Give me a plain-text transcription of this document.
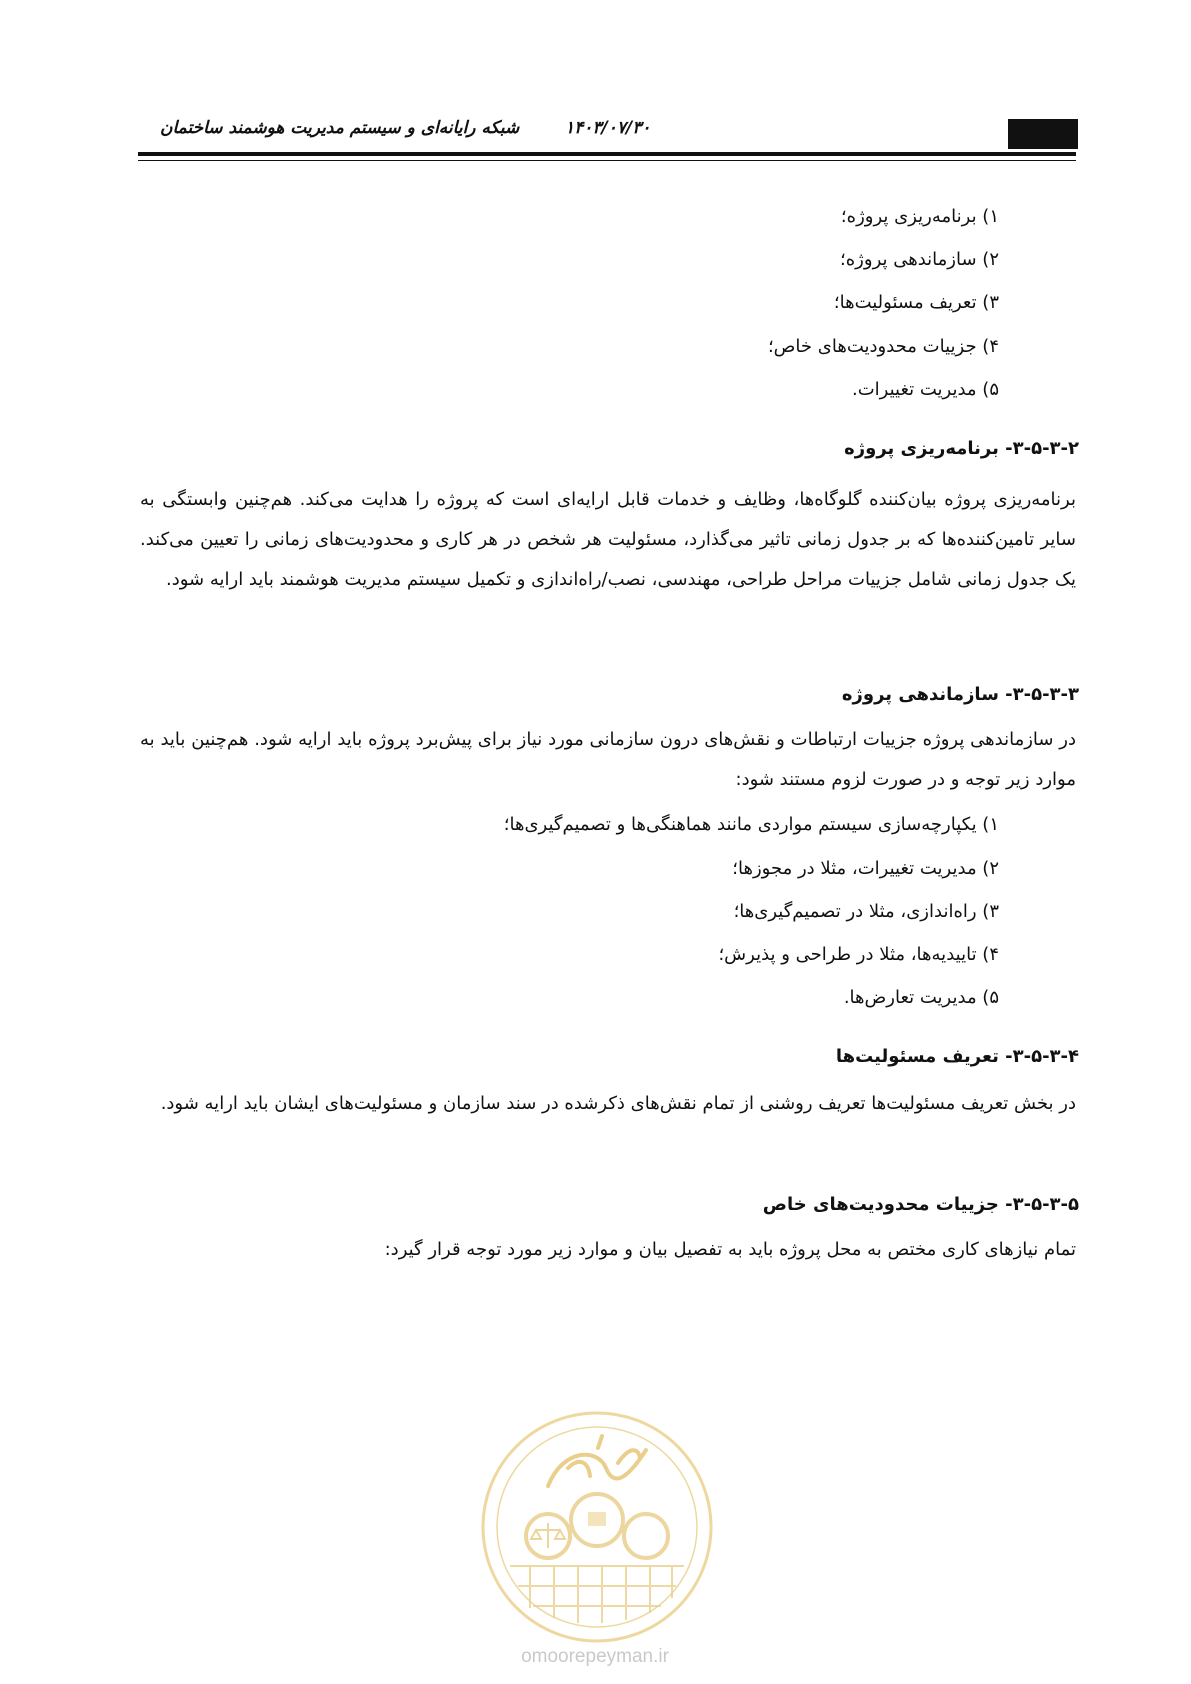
۱۴۰۳/۰۷/۳۰
شبکه رایانه‌ای و سیستم مدیریت هوشمند ساختمان
۱) برنامه‌ریزی پروژه؛
۲) سازماندهی پروژه؛
۳) تعریف مسئولیت‌ها؛
۴) جزییات محدودیت‌های خاص؛
۵) مدیریت تغییرات.
۳-۵-۳-۲- برنامه‌ریزی پروژه
برنامه‌ریزی پروژه بیان‌کننده گلوگاه‌ها، وظایف و خدمات قابل ارایه‌ای است که پروژه را هدایت می‌کند. هم‌چنین وابستگی به سایر تامین‌کننده‌ها که بر جدول زمانی تاثیر می‌گذارد، مسئولیت هر شخص در هر کاری و محدودیت‌های زمانی را تعیین می‌کند. یک جدول زمانی شامل جزییات مراحل طراحی، مهندسی، نصب/راه‌اندازی و تکمیل سیستم مدیریت هوشمند باید ارایه شود.
۳-۵-۳-۳- سازماندهی پروژه
در سازماندهی پروژه جزییات ارتباطات و نقش‌های درون سازمانی مورد نیاز برای پیش‌برد پروژه باید ارایه شود. هم‌چنین باید به موارد زیر توجه و در صورت لزوم مستند شود:
۱) یکپارچه‌سازی سیستم مواردی مانند هماهنگی‌ها و تصمیم‌گیری‌ها؛
۲) مدیریت تغییرات، مثلا در مجوزها؛
۳) راه‌اندازی، مثلا در تصمیم‌گیری‌ها؛
۴) تاییدیه‌ها، مثلا در طراحی و پذیرش؛
۵) مدیریت تعارض‌ها.
۳-۵-۳-۴- تعریف مسئولیت‌ها
در بخش تعریف مسئولیت‌ها تعریف روشنی از تمام نقش‌های ذکرشده در سند سازمان و مسئولیت‌های ایشان باید ارایه شود.
۳-۵-۳-۵- جزییات محدودیت‌های خاص
تمام نیازهای کاری مختص به محل پروژه باید به تفصیل بیان و موارد زیر مورد توجه قرار گیرد:
omoorepeyman.ir
